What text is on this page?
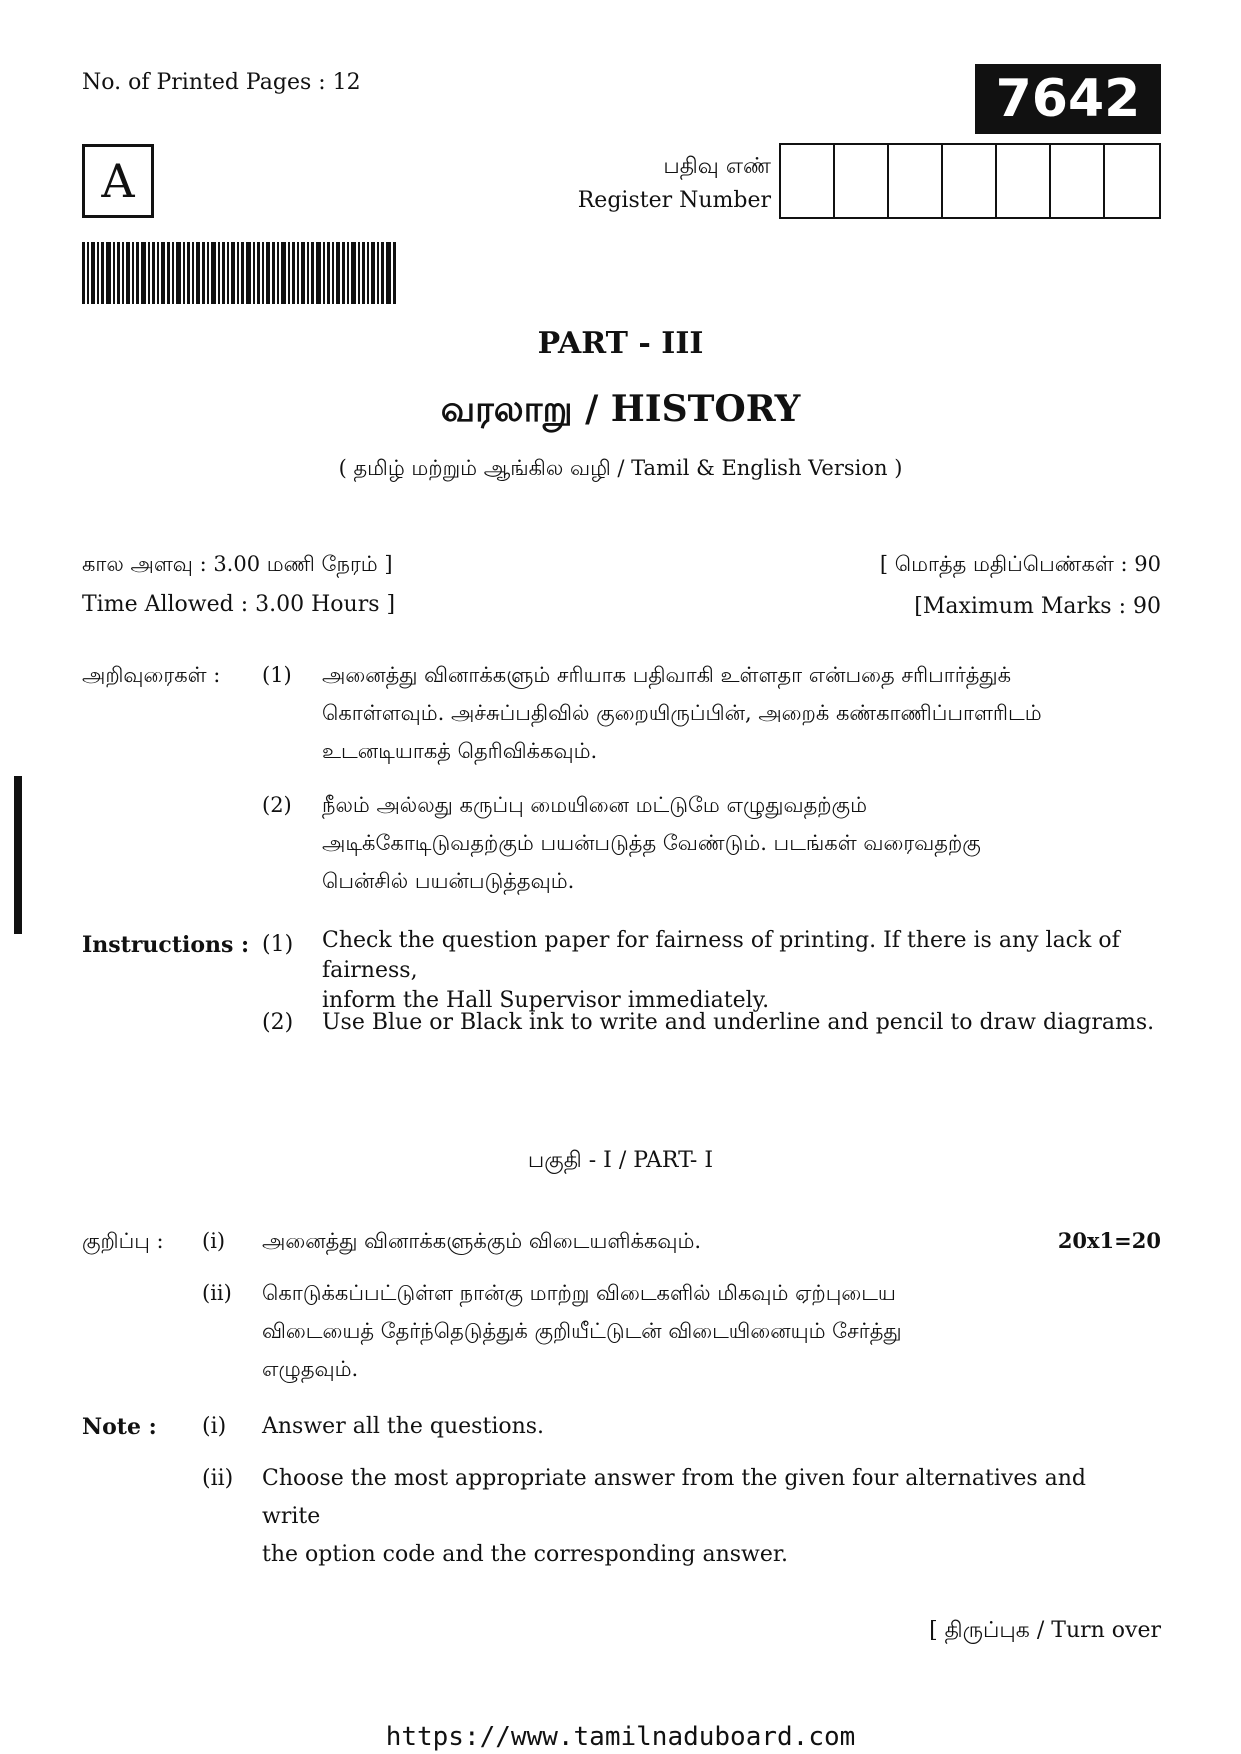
No. of Printed Pages : 12	7642
A	பதிவு எண்
Register Number
PART - III
வரலாறு / HISTORY
( தமிழ் மற்றும் ஆங்கில வழி / Tamil & English Version )
கால அளவு : 3.00 மணி நேரம் ]
Time Allowed : 3.00 Hours ]
[ மொத்த மதிப்பெண்கள் : 90
[Maximum Marks : 90
அறிவுரைகள் : (1) அனைத்து வினாக்களும் சரியாக பதிவாகி உள்ளதா என்பதை சரிபார்த்துக்
கொள்ளவும். அச்சுப்பதிவில் குறையிருப்பின், அறைக் கண்காணிப்பாளரிடம்
உடனடியாகத் தெரிவிக்கவும்.
(2) நீலம் அல்லது கருப்பு மையினை மட்டுமே எழுதுவதற்கும்
அடிக்கோடிடுவதற்கும் பயன்படுத்த வேண்டும். படங்கள் வரைவதற்கு
பென்சில் பயன்படுத்தவும்.
Instructions : (1) Check the question paper for fairness of printing. If there is any lack of fairness,
inform the Hall Supervisor immediately.
(2) Use Blue or Black ink to write and underline and pencil to draw diagrams.
பகுதி - I / PART- I
குறிப்பு : (i) அனைத்து வினாக்களுக்கும் விடையளிக்கவும்.	20x1=20
(ii) கொடுக்கப்பட்டுள்ள நான்கு மாற்று விடைகளில் மிகவும் ஏற்புடைய
விடையைத் தேர்ந்தெடுத்துக் குறியீட்டுடன் விடையினையும் சேர்த்து
எழுதவும்.
Note : (i) Answer all the questions.
(ii) Choose the most appropriate answer from the given four alternatives and write
the option code and the corresponding answer.
[ திருப்புக / Turn over
https://www.tamilnaduboard.com
